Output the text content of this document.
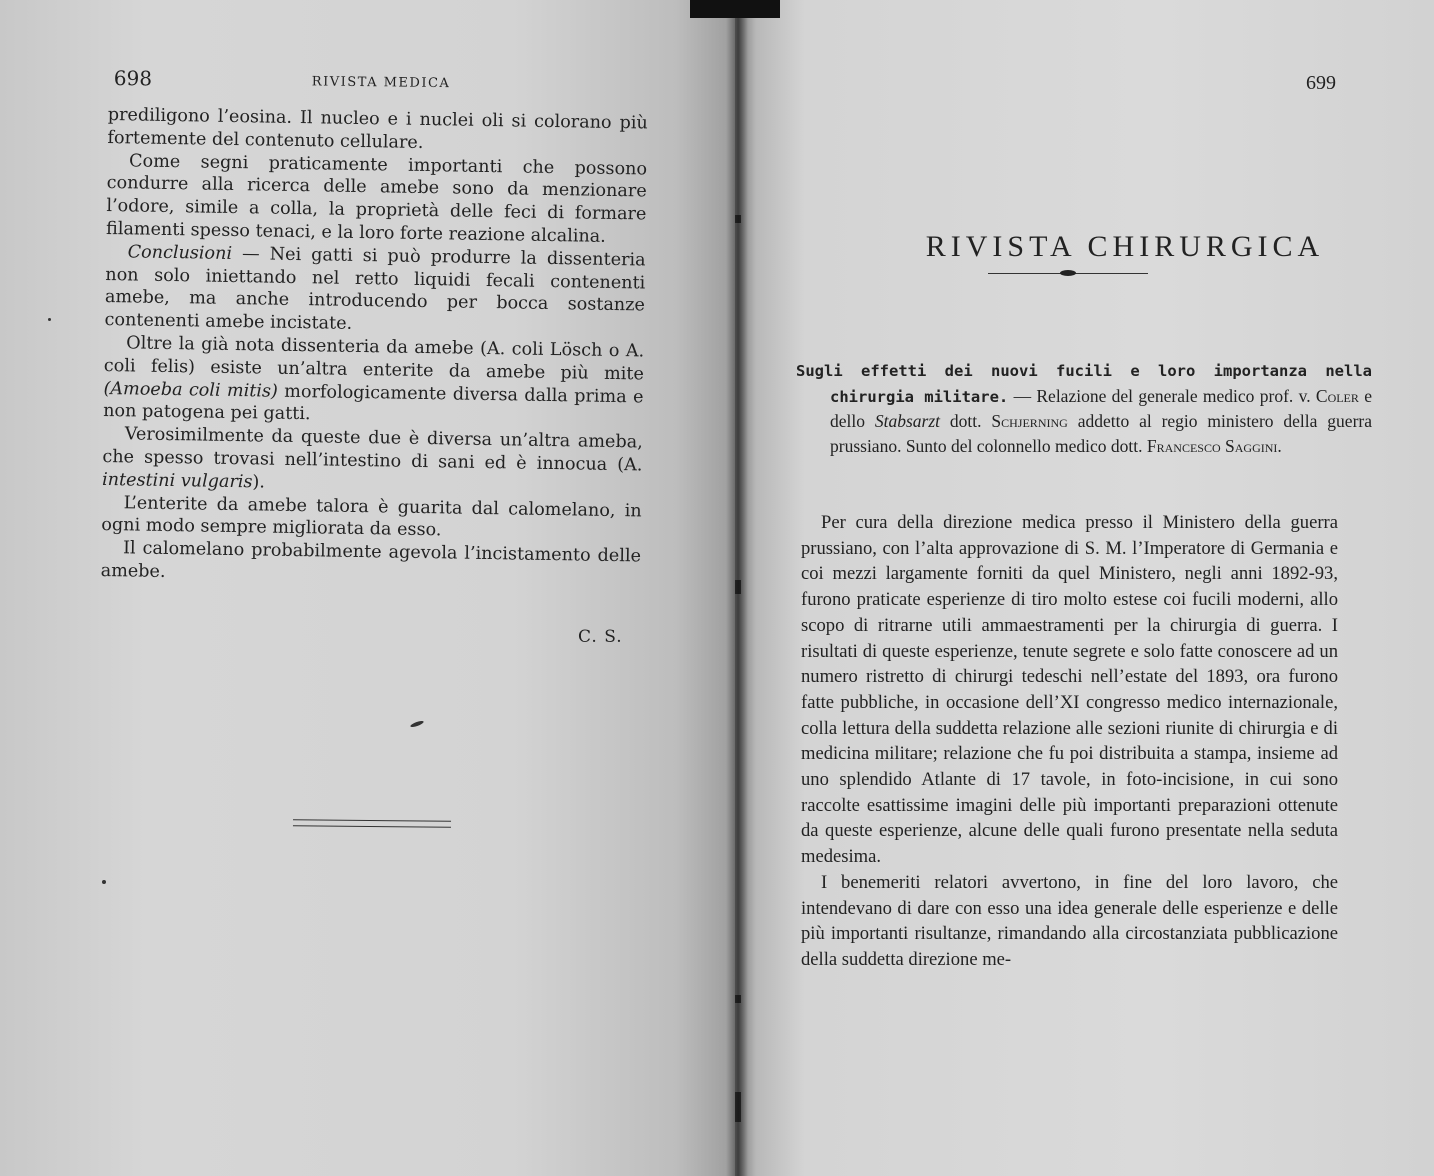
698	RIVISTA MEDICA

prediligono l’eosina. Il nucleo e i nuclei oli si colorano più fortemente del contenuto cellulare.

Come segni praticamente importanti che possono condurre alla ricerca delle amebe sono da menzionare l’odore, simile a colla, la proprietà delle feci di formare filamenti spesso tenaci, e la loro forte reazione alcalina.

Conclusioni — Nei gatti si può produrre la dissenteria non solo iniettando nel retto liquidi fecali contenenti amebe, ma anche introducendo per bocca sostanze contenenti amebe incistate.

Oltre la già nota dissenteria da amebe (A. coli Lösch o A. coli felis) esiste un’altra enterite da amebe più mite (Amoeba coli mitis) morfologicamente diversa dalla prima e non patogena pei gatti.

Verosimilmente da queste due è diversa un’altra ameba, che spesso trovasi nell’intestino di sani ed è innocua (A. intestini vulgaris).

L’enterite da amebe talora è guarita dal calomelano, in ogni modo sempre migliorata da esso.

Il calomelano probabilmente agevola l’incistamento delle amebe.

C. S.
699
RIVISTA CHIRURGICA
Sugli effetti dei nuovi fucili e loro importanza nella chirurgia militare. — Relazione del generale medico prof. v. Coler e dello Stabsarzt dott. Schjerning addetto al regio ministero della guerra prussiano. Sunto del colonnello medico dott. Francesco Saggini.

Per cura della direzione medica presso il Ministero della guerra prussiano, con l’alta approvazione di S. M. l’Imperatore di Germania e coi mezzi largamente forniti da quel Ministero, negli anni 1892-93, furono praticate esperienze di tiro molto estese coi fucili moderni, allo scopo di ritrarne utili ammaestramenti per la chirurgia di guerra. I risultati di queste esperienze, tenute segrete e solo fatte conoscere ad un numero ristretto di chirurgi tedeschi nell’estate del 1893, ora furono fatte pubbliche, in occasione dell’XI congresso medico internazionale, colla lettura della suddetta relazione alle sezioni riunite di chirurgia e di medicina militare; relazione che fu poi distribuita a stampa, insieme ad uno splendido Atlante di 17 tavole, in foto-incisione, in cui sono raccolte esattissime imagini delle più importanti preparazioni ottenute da queste esperienze, alcune delle quali furono presentate nella seduta medesima.

I benemeriti relatori avvertono, in fine del loro lavoro, che intendevano di dare con esso una idea generale delle esperienze e delle più importanti risultanze, rimandando alla circostanziata pubblicazione della suddetta direzione me-
